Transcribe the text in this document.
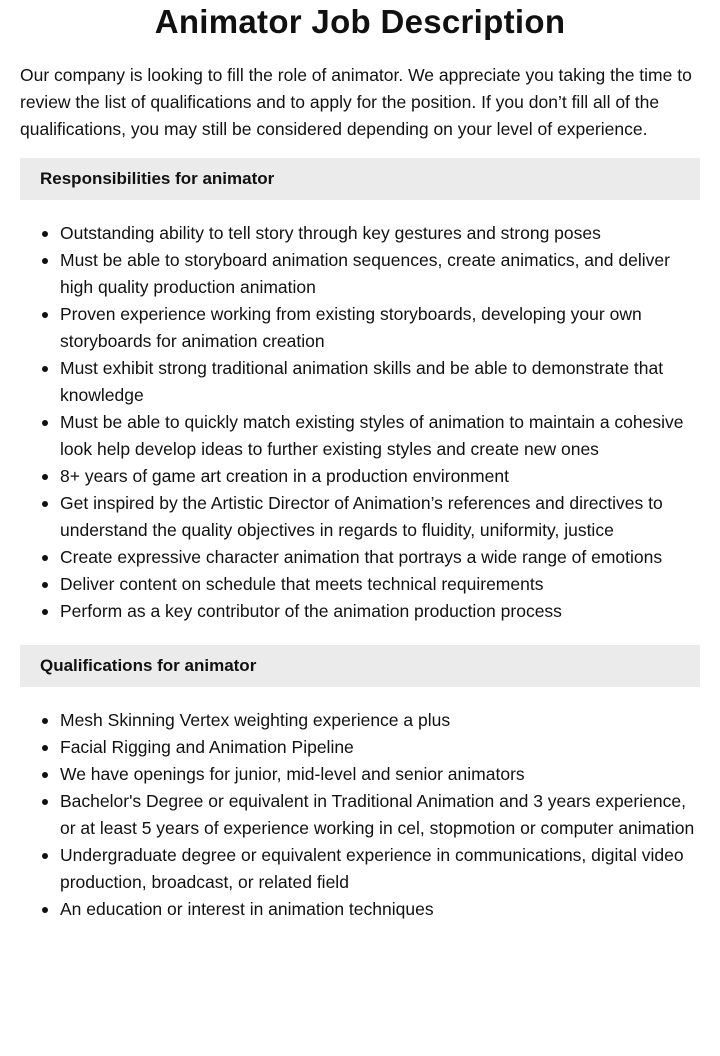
Animator Job Description

Our company is looking to fill the role of animator. We appreciate you taking the time to review the list of qualifications and to apply for the position. If you don’t fill all of the qualifications, you may still be considered depending on your level of experience.

Responsibilities for animator
Outstanding ability to tell story through key gestures and strong poses
Must be able to storyboard animation sequences, create animatics, and deliver high quality production animation
Proven experience working from existing storyboards, developing your own storyboards for animation creation
Must exhibit strong traditional animation skills and be able to demonstrate that knowledge
Must be able to quickly match existing styles of animation to maintain a cohesive look help develop ideas to further existing styles and create new ones
8+ years of game art creation in a production environment
Get inspired by the Artistic Director of Animation’s references and directives to understand the quality objectives in regards to fluidity, uniformity, justice
Create expressive character animation that portrays a wide range of emotions
Deliver content on schedule that meets technical requirements
Perform as a key contributor of the animation production process
Qualifications for animator
Mesh Skinning Vertex weighting experience a plus
Facial Rigging and Animation Pipeline
We have openings for junior, mid-level and senior animators
Bachelor's Degree or equivalent in Traditional Animation and 3 years experience, or at least 5 years of experience working in cel, stopmotion or computer animation
Undergraduate degree or equivalent experience in communications, digital video production, broadcast, or related field
An education or interest in animation techniques
